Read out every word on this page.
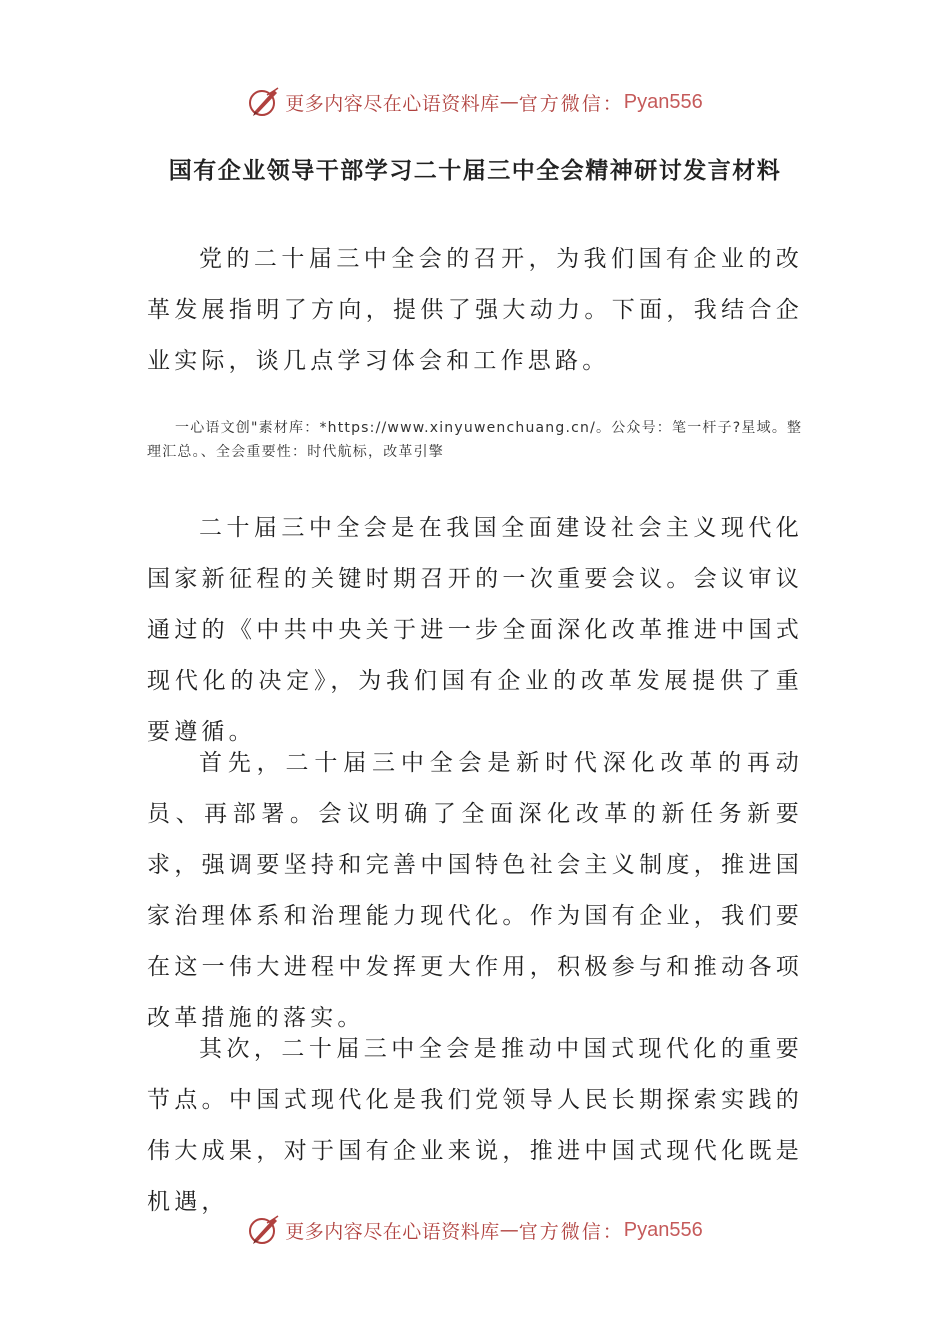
更多内容尽在心语资料库 — 官方微信： Pyan556
国有企业领导干部学习二十届三中全会精神研讨发言材料

党的二十届三中全会的召开，为我们国有企业的改革发展指明了方向，提供了强大动力。下面，我结合企业实际，谈几点学习体会和工作思路。

一心语文创"素材库：*https://www.xinyuwenchuang.cn/。公众号：笔一杆子?星域。整理汇总。、全会重要性：时代航标，改革引擎

二十届三中全会是在我国全面建设社会主义现代化国家新征程的关键时期召开的一次重要会议。会议审议通过的《中共中央关于进一步全面深化改革推进中国式现代化的决定》，为我们国有企业的改革发展提供了重要遵循。

首先，二十届三中全会是新时代深化改革的再动员、再部署。会议明确了全面深化改革的新任务新要求，强调要坚持和完善中国特色社会主义制度，推进国家治理体系和治理能力现代化。作为国有企业，我们要在这一伟大进程中发挥更大作用，积极参与和推动各项改革措施的落实。

其次，二十届三中全会是推动中国式现代化的重要节点。中国式现代化是我们党领导人民长期探索实践的伟大成果，对于国有企业来说，推进中国式现代化既是机遇，

更多内容尽在心语资料库 — 官方微信： Pyan556
